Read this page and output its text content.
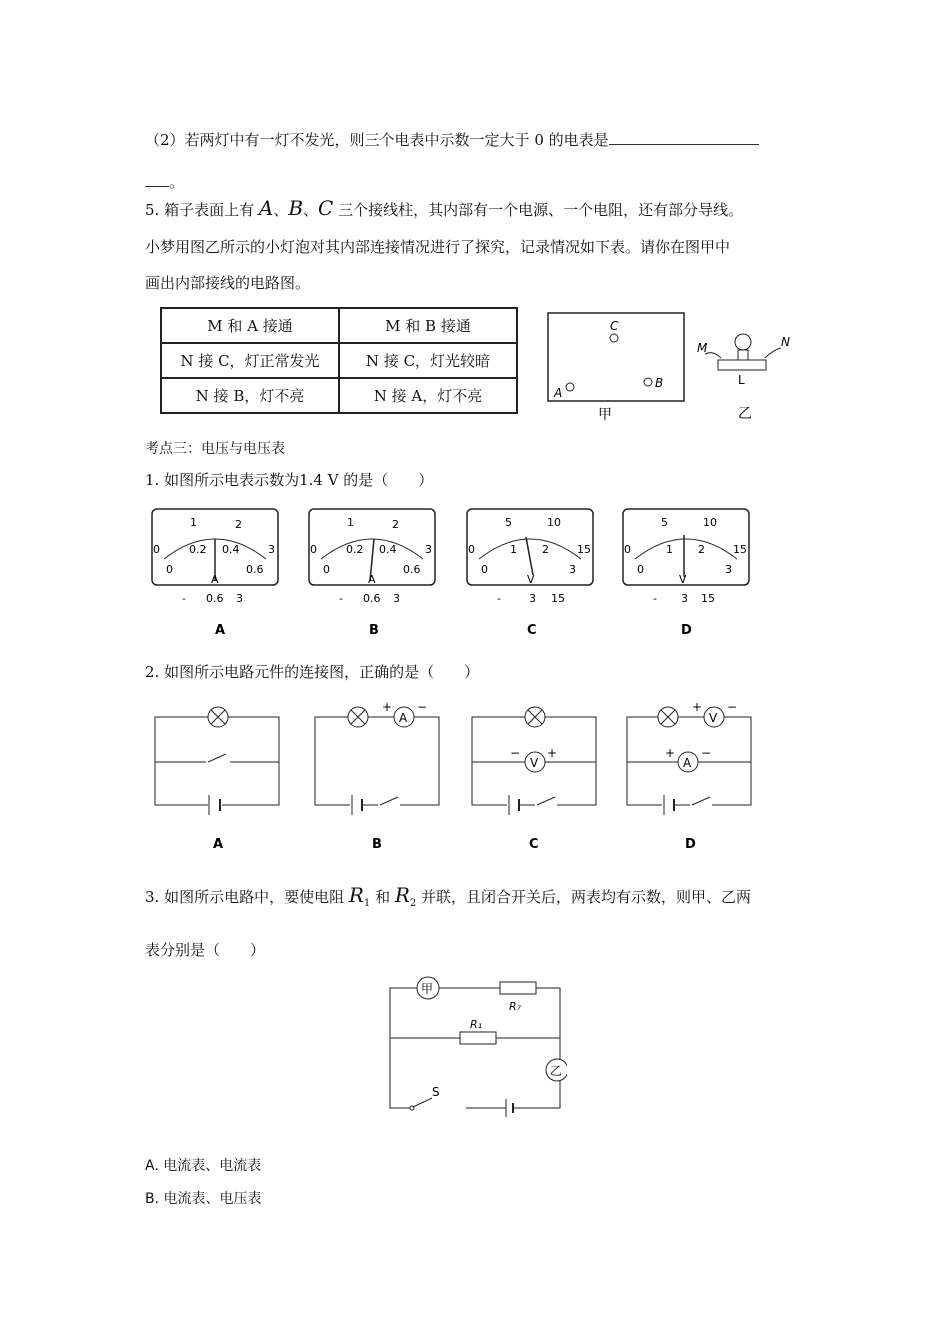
（2）若两灯中有一灯不发光，则三个电表中示数一定大于 0 的电表是
。
5. 箱子表面上有 A、B、C 三个接线柱，其内部有一个电源、一个电阻，还有部分导线。
小梦用图乙所示的小灯泡对其内部连接情况进行了探究，记录情况如下表。请你在图甲中
画出内部接线的电路图。
M 和 A 接通	M 和 B 接通
N 接 C，灯正常发光	N 接 C，灯光较暗
N 接 B，灯不亮	N 接 A，灯不亮
C
A
B
甲
M	N
L
乙
考点三：电压与电压表
1. 如图所示电表示数为1.4 V 的是（　　）
0
1	2
3
0
0.2 0.4
0.6
A
- 0.6 3
A
0
1	2
3
0
0.2 0.4
0.6
A
- 0.6 3
B
0
5	10
15
0
1 2
3
V
-	3 15
C
0
5	10
15
0
1 2
3
V
- 3 15
D
2. 如图所示电路元件的连接图，正确的是（　　）
A
A
+ −
B
V
− +
C
V
+ −
A
+ −
D
3. 如图所示电路中，要使电阻 $R_1$ 和 $R_2$ 并联，且闭合开关后，两表均有示数，则甲、乙两
表分别是（　　）
甲
R₇
R₁
乙
S
A. 电流表、电流表
B. 电流表、电压表
